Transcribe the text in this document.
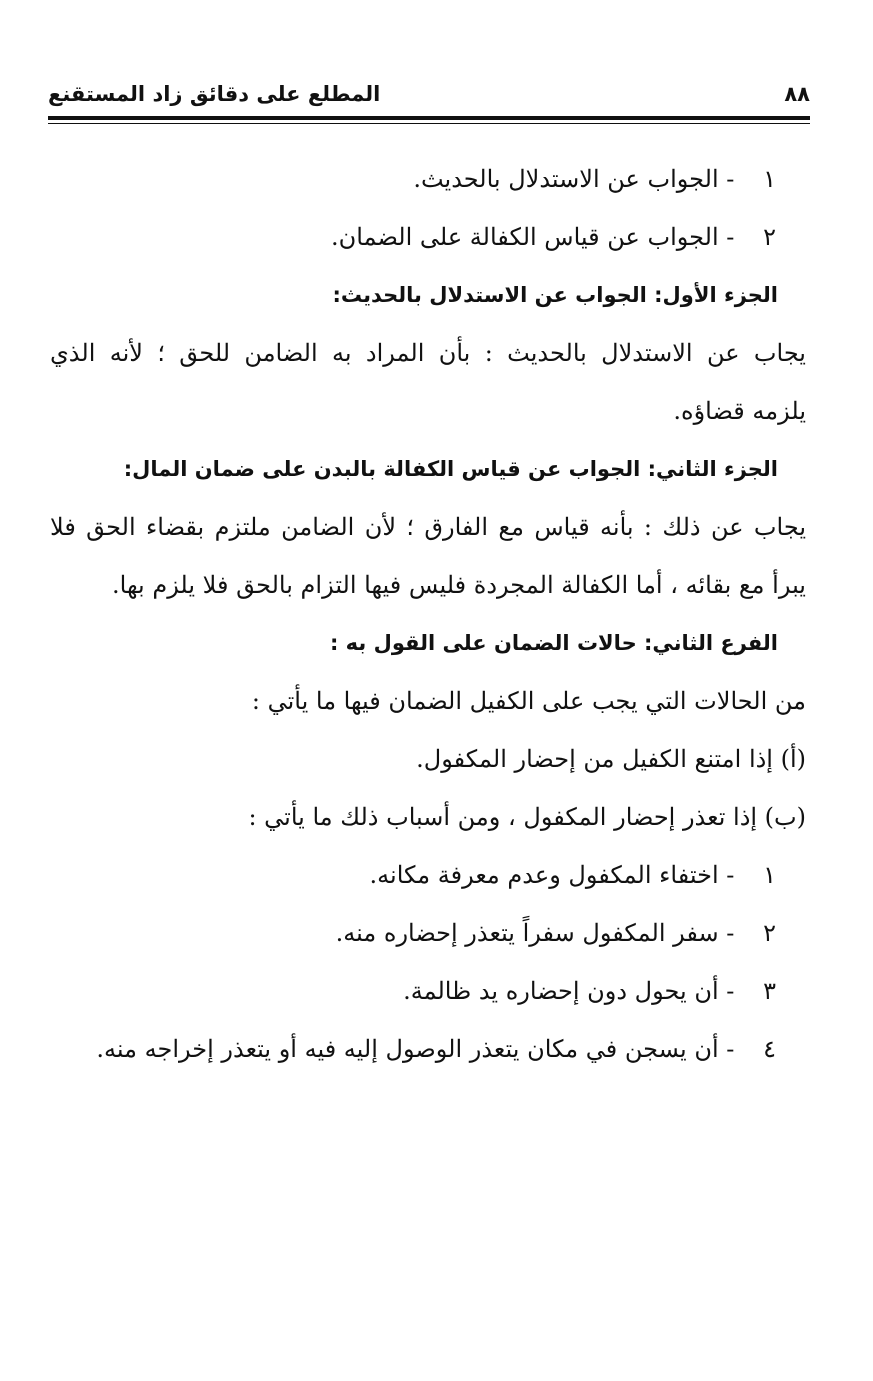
٨٨
المطلع على دقائق زاد المستقنع
١ - الجواب عن الاستدلال بالحديث.
٢ - الجواب عن قياس الكفالة على الضمان.
الجزء الأول: الجواب عن الاستدلال بالحديث:
يجاب عن الاستدلال بالحديث : بأن المراد به الضامن للحق ؛ لأنه الذي
يلزمه قضاؤه.
الجزء الثاني: الجواب عن قياس الكفالة بالبدن على ضمان المال:
يجاب عن ذلك : بأنه قياس مع الفارق ؛ لأن الضامن ملتزم بقضاء الحق فلا
يبرأ مع بقائه ، أما الكفالة المجردة فليس فيها التزام بالحق فلا يلزم بها.
الفرع الثاني: حالات الضمان على القول به :
من الحالات التي يجب على الكفيل الضمان فيها ما يأتي :
(أ) إذا امتنع الكفيل من إحضار المكفول.
(ب) إذا تعذر إحضار المكفول ، ومن أسباب ذلك ما يأتي :
١ - اختفاء المكفول وعدم معرفة مكانه.
٢ - سفر المكفول سفراً يتعذر إحضاره منه.
٣ - أن يحول دون إحضاره يد ظالمة.
٤ - أن يسجن في مكان يتعذر الوصول إليه فيه أو يتعذر إخراجه منه.
